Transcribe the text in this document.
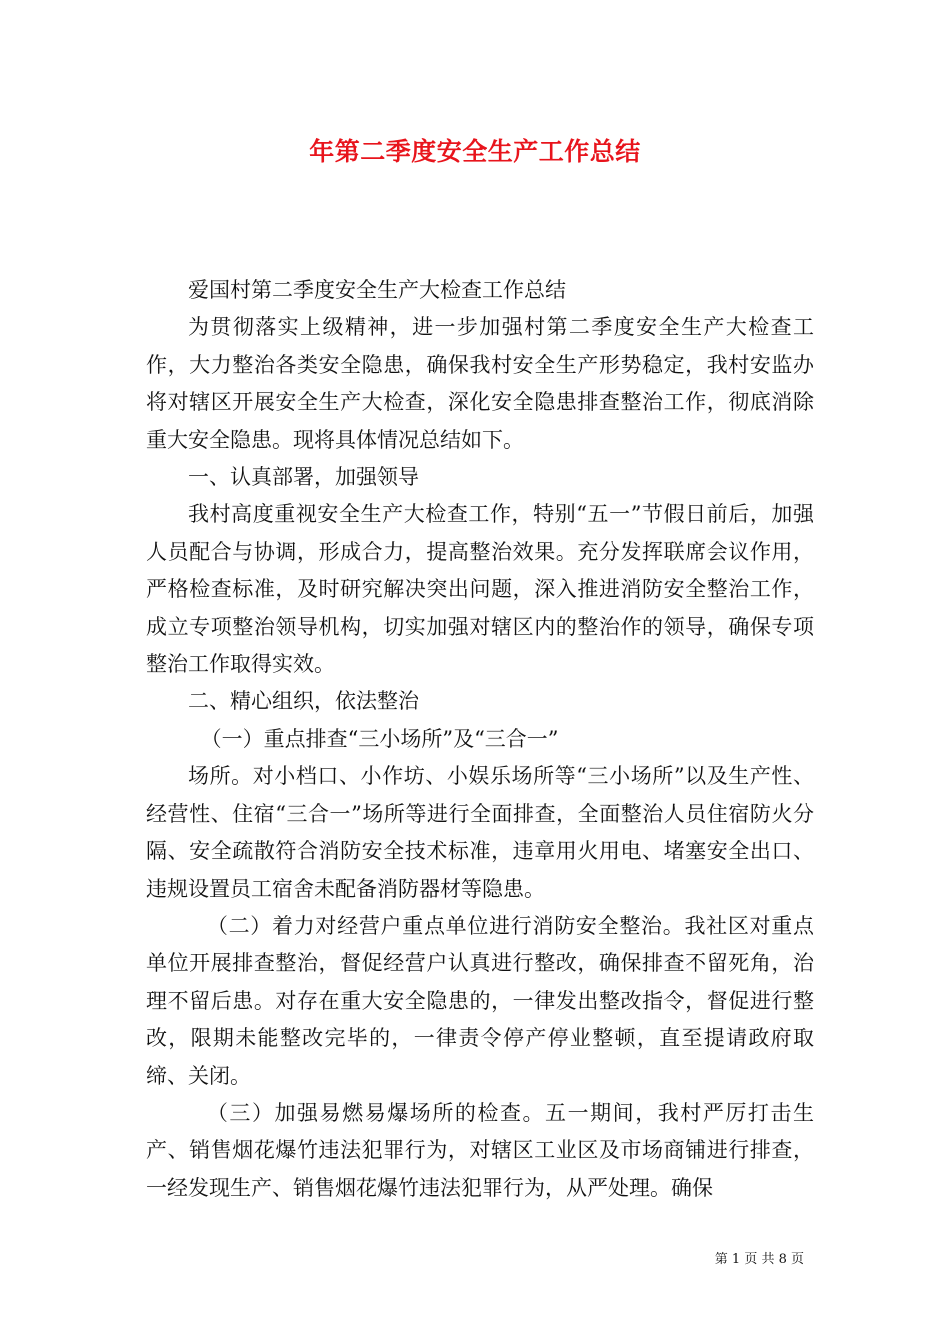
年第二季度安全生产工作总结

爱国村第二季度安全生产大检查工作总结

为贯彻落实上级精神，进一步加强村第二季度安全生产大检查工作，大力整治各类安全隐患，确保我村安全生产形势稳定，我村安监办将对辖区开展安全生产大检查，深化安全隐患排查整治工作，彻底消除重大安全隐患。现将具体情况总结如下。

一、认真部署，加强领导

我村高度重视安全生产大检查工作，特别“五一”节假日前后，加强人员配合与协调，形成合力，提高整治效果。充分发挥联席会议作用，严格检查标准，及时研究解决突出问题，深入推进消防安全整治工作，成立专项整治领导机构，切实加强对辖区内的整治作的领导，确保专项整治工作取得实效。

二、精心组织，依法整治

（一）重点排查“三小场所”及“三合一”

场所。对小档口、小作坊、小娱乐场所等“三小场所”以及生产性、经营性、住宿“三合一”场所等进行全面排查，全面整治人员住宿防火分隔、安全疏散符合消防安全技术标准，违章用火用电、堵塞安全出口、违规设置员工宿舍未配备消防器材等隐患。

（二）着力对经营户重点单位进行消防安全整治。我社区对重点单位开展排查整治，督促经营户认真进行整改，确保排查不留死角，治理不留后患。对存在重大安全隐患的，一律发出整改指令，督促进行整改，限期未能整改完毕的，一律责令停产停业整顿，直至提请政府取缔、关闭。

（三）加强易燃易爆场所的检查。五一期间，我村严厉打击生产、销售烟花爆竹违法犯罪行为，对辖区工业区及市场商铺进行排查，一经发现生产、销售烟花爆竹违法犯罪行为，从严处理。确保

第 1 页 共 8 页
